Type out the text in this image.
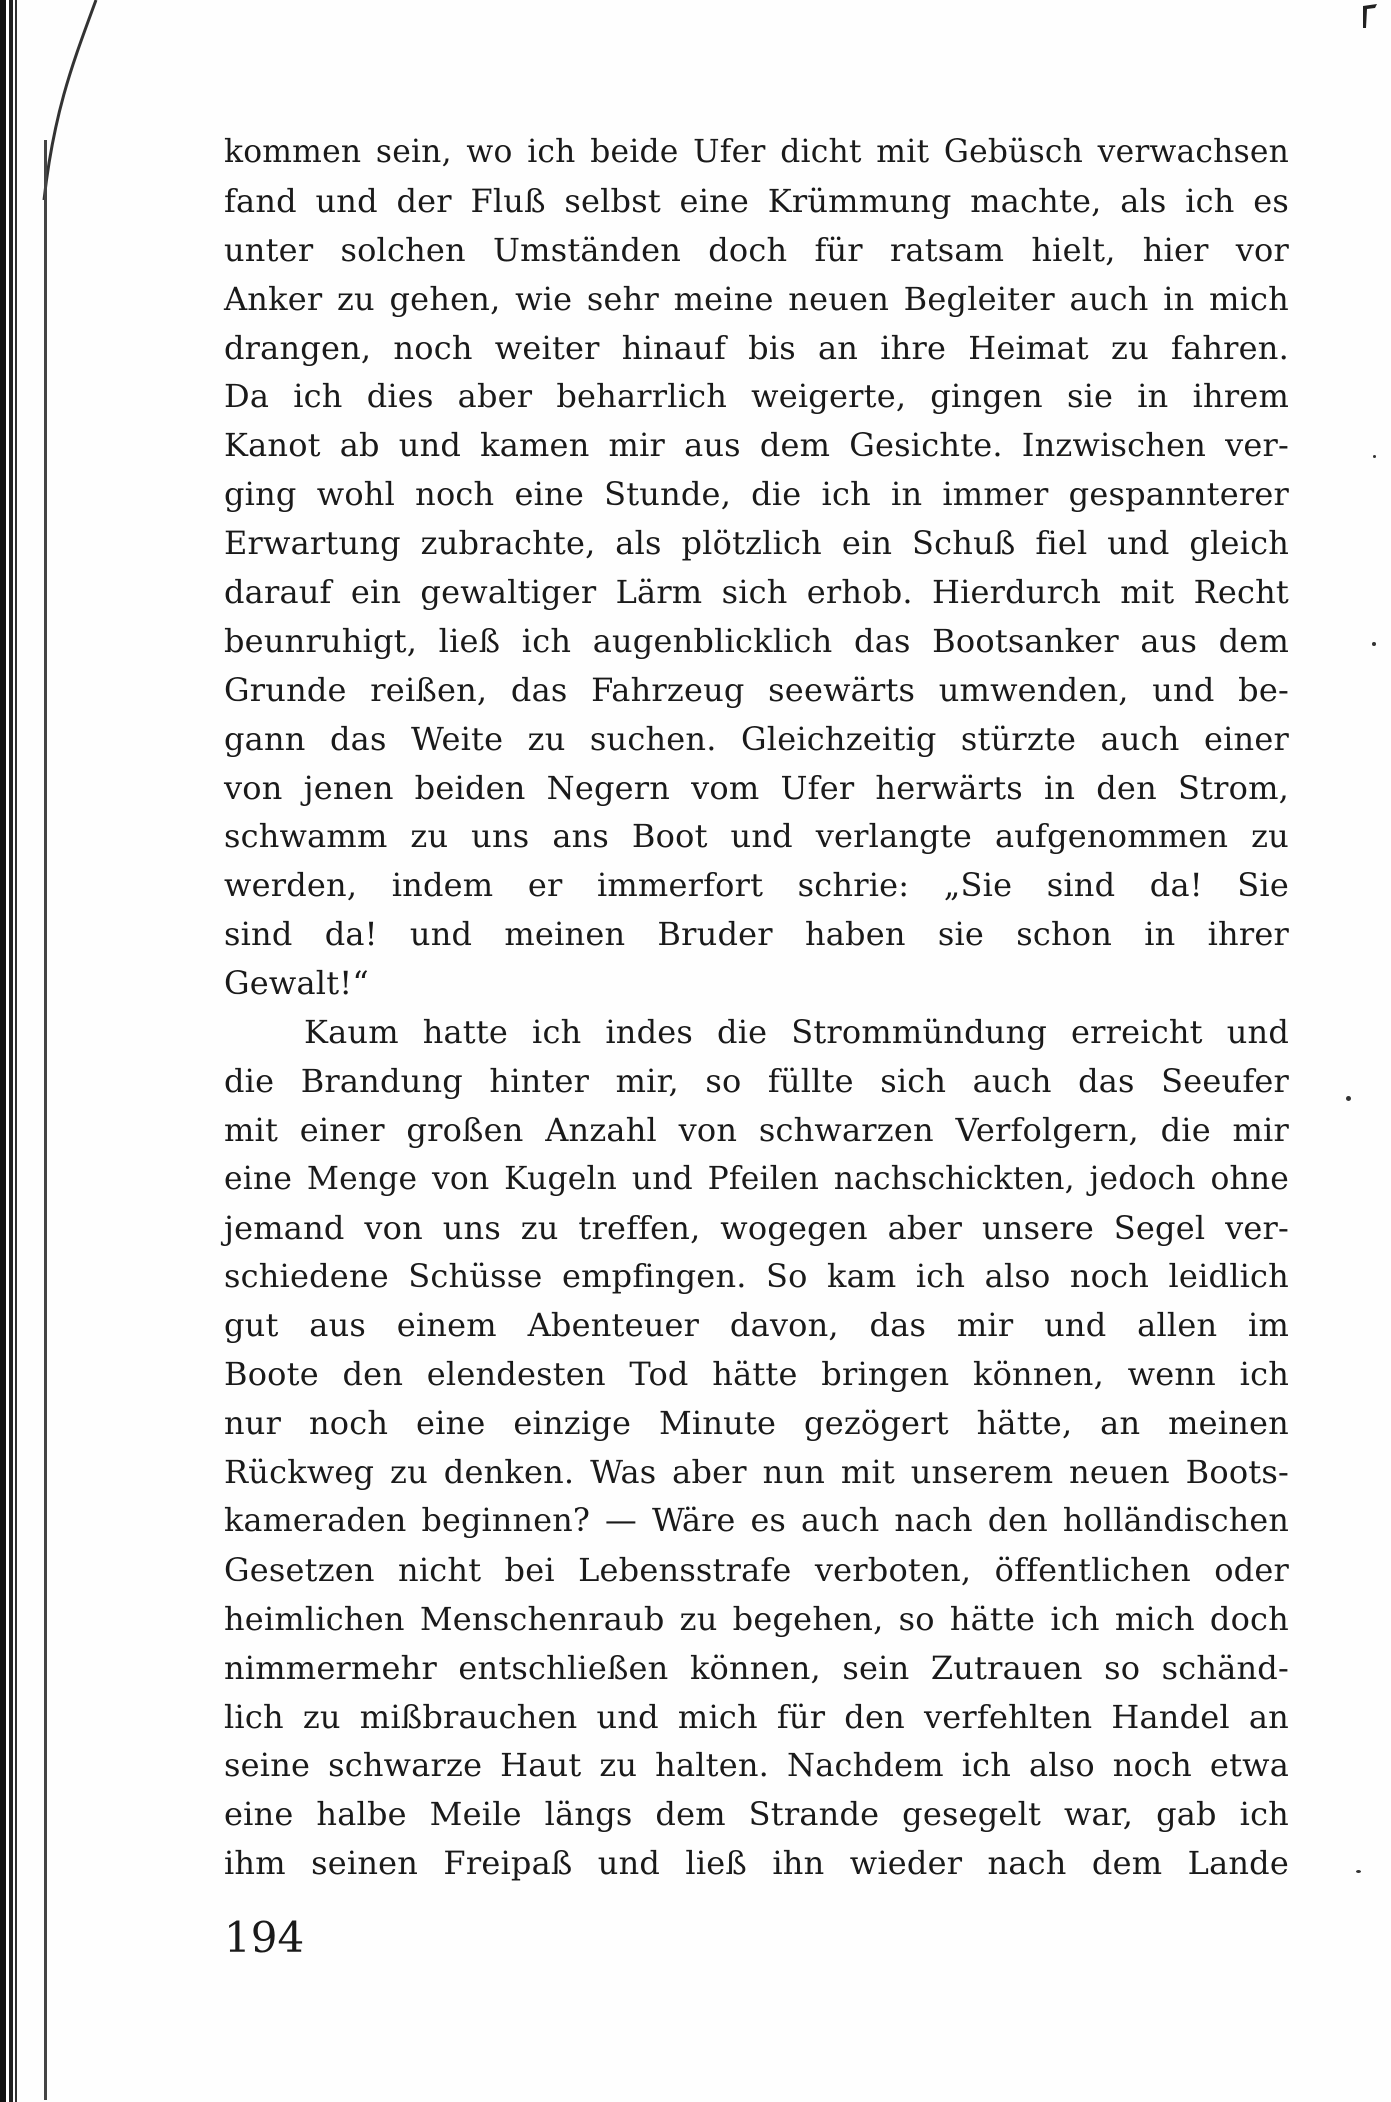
kommen sein, wo ich beide Ufer dicht mit Gebüsch verwachsen
fand und der Fluß selbst eine Krümmung machte, als ich es
unter solchen Umständen doch für ratsam hielt, hier vor
Anker zu gehen, wie sehr meine neuen Begleiter auch in mich
drangen, noch weiter hinauf bis an ihre Heimat zu fahren.
Da ich dies aber beharrlich weigerte, gingen sie in ihrem
Kanot ab und kamen mir aus dem Gesichte. Inzwischen ver-
ging wohl noch eine Stunde, die ich in immer gespannterer
Erwartung zubrachte, als plötzlich ein Schuß fiel und gleich
darauf ein gewaltiger Lärm sich erhob. Hierdurch mit Recht
beunruhigt, ließ ich augenblicklich das Bootsanker aus dem
Grunde reißen, das Fahrzeug seewärts umwenden, und be-
gann das Weite zu suchen. Gleichzeitig stürzte auch einer
von jenen beiden Negern vom Ufer herwärts in den Strom,
schwamm zu uns ans Boot und verlangte aufgenommen zu
werden, indem er immerfort schrie: „Sie sind da! Sie
sind da! und meinen Bruder haben sie schon in ihrer
Gewalt!“
Kaum hatte ich indes die Strommündung erreicht und
die Brandung hinter mir, so füllte sich auch das Seeufer
mit einer großen Anzahl von schwarzen Verfolgern, die mir
eine Menge von Kugeln und Pfeilen nachschickten, jedoch ohne
jemand von uns zu treffen, wogegen aber unsere Segel ver-
schiedene Schüsse empfingen. So kam ich also noch leidlich
gut aus einem Abenteuer davon, das mir und allen im
Boote den elendesten Tod hätte bringen können, wenn ich
nur noch eine einzige Minute gezögert hätte, an meinen
Rückweg zu denken. Was aber nun mit unserem neuen Boots-
kameraden beginnen? — Wäre es auch nach den holländischen
Gesetzen nicht bei Lebensstrafe verboten, öffentlichen oder
heimlichen Menschenraub zu begehen, so hätte ich mich doch
nimmermehr entschließen können, sein Zutrauen so schänd-
lich zu mißbrauchen und mich für den verfehlten Handel an
seine schwarze Haut zu halten. Nachdem ich also noch etwa
eine halbe Meile längs dem Strande gesegelt war, gab ich
ihm seinen Freipaß und ließ ihn wieder nach dem Lande
194
